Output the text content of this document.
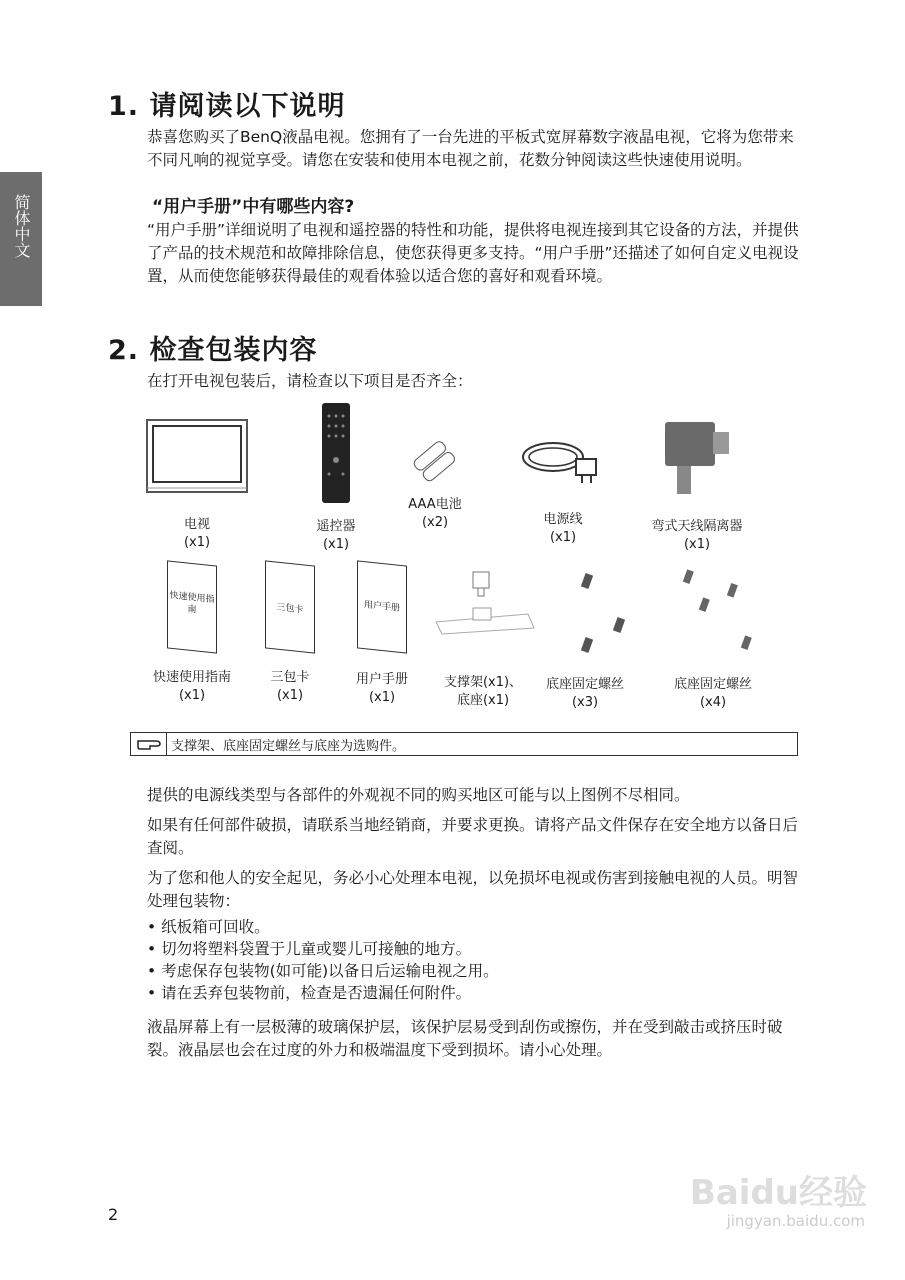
简体中文
1. 请阅读以下说明
恭喜您购买了BenQ液晶电视。您拥有了一台先进的平板式宽屏幕数字液晶电视，它将为您带来不同凡响的视觉享受。请您在安装和使用本电视之前，花数分钟阅读这些快速使用说明。
“用户手册”中有哪些内容?
“用户手册”详细说明了电视和遥控器的特性和功能，提供将电视连接到其它设备的方法，并提供了产品的技术规范和故障排除信息，使您获得更多支持。“用户手册”还描述了如何自定义电视设置，从而使您能够获得最佳的观看体验以适合您的喜好和观看环境。
2. 检查包装内容
在打开电视包装后，请检查以下项目是否齐全：
电视
(x1)
遥控器
(x1)
AAA电池
(x2)	电源线
(x1)
弯式天线隔离器
(x1)
快速使用指南
快速使用指南
(x1)
三包卡
三包卡
(x1)
用户手册
用户手册
(x1)
支撑架(x1)、
底座(x1)
底座固定螺丝
(x3)
底座固定螺丝
(x4)
支撑架、底座固定螺丝与底座为选购件。
提供的电源线类型与各部件的外观视不同的购买地区可能与以上图例不尽相同。
如果有任何部件破损，请联系当地经销商，并要求更换。请将产品文件保存在安全地方以备日后查阅。
为了您和他人的安全起见，务必小心处理本电视，以免损坏电视或伤害到接触电视的人员。明智处理包装物：
• 纸板箱可回收。
• 切勿将塑料袋置于儿童或婴儿可接触的地方。
• 考虑保存包装物(如可能)以备日后运输电视之用。
• 请在丢弃包装物前，检查是否遗漏任何附件。
液晶屏幕上有一层极薄的玻璃保护层，该保护层易受到刮伤或擦伤，并在受到敲击或挤压时破裂。液晶层也会在过度的外力和极端温度下受到损坏。请小心处理。
2
Baidu经验
jingyan.baidu.com
